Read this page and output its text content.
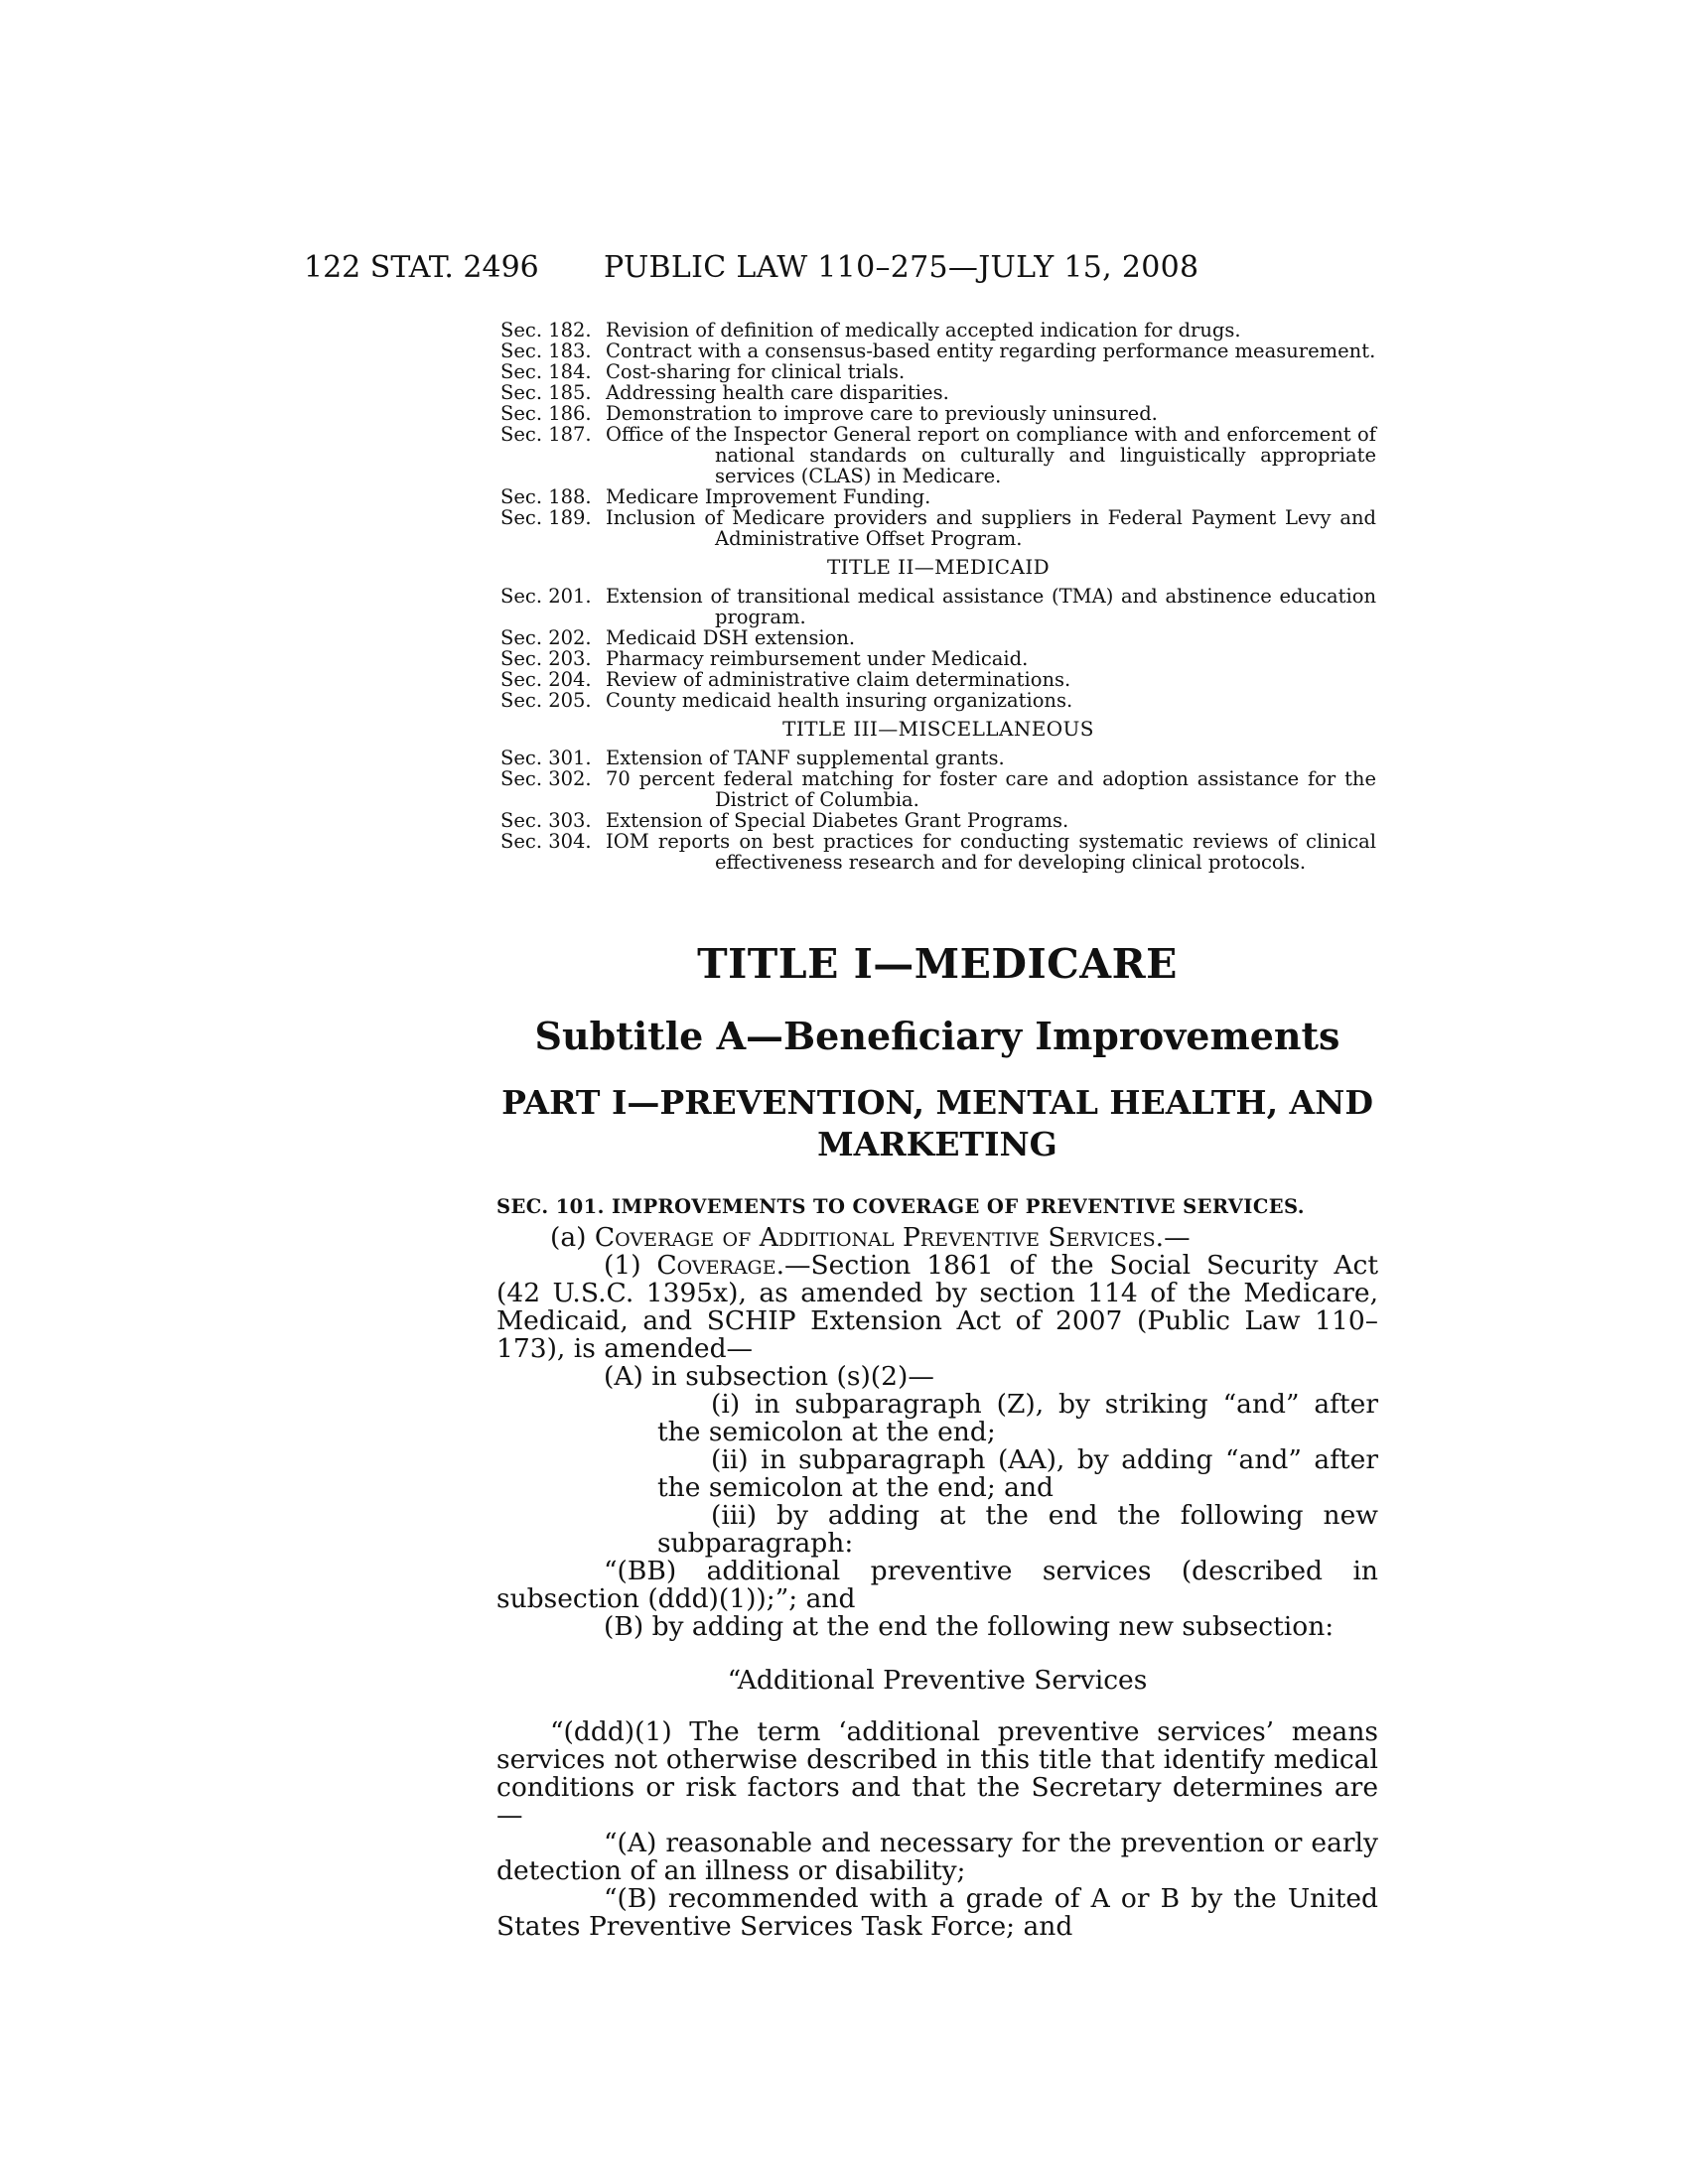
122 STAT. 2496 PUBLIC LAW 110–275—JULY 15, 2008
Sec. 182. Revision of definition of medically accepted indication for drugs.
Sec. 183. Contract with a consensus-based entity regarding performance measurement.
Sec. 184. Cost-sharing for clinical trials.
Sec. 185. Addressing health care disparities.
Sec. 186. Demonstration to improve care to previously uninsured.
Sec. 187. Office of the Inspector General report on compliance with and enforcement of national standards on culturally and linguistically appropriate services (CLAS) in Medicare.
Sec. 188. Medicare Improvement Funding.
Sec. 189. Inclusion of Medicare providers and suppliers in Federal Payment Levy and Administrative Offset Program.
TITLE II—MEDICAID
Sec. 201. Extension of transitional medical assistance (TMA) and abstinence education program.
Sec. 202. Medicaid DSH extension.
Sec. 203. Pharmacy reimbursement under Medicaid.
Sec. 204. Review of administrative claim determinations.
Sec. 205. County medicaid health insuring organizations.
TITLE III—MISCELLANEOUS
Sec. 301. Extension of TANF supplemental grants.
Sec. 302. 70 percent federal matching for foster care and adoption assistance for the District of Columbia.
Sec. 303. Extension of Special Diabetes Grant Programs.
Sec. 304. IOM reports on best practices for conducting systematic reviews of clinical effectiveness research and for developing clinical protocols.
TITLE I—MEDICARE
Subtitle A—Beneficiary Improvements
PART I—PREVENTION, MENTAL HEALTH, AND MARKETING
SEC. 101. IMPROVEMENTS TO COVERAGE OF PREVENTIVE SERVICES.

(a) Coverage of Additional Preventive Services.—

(1) Coverage.—Section 1861 of the Social Security Act (42 U.S.C. 1395x), as amended by section 114 of the Medicare, Medicaid, and SCHIP Extension Act of 2007 (Public Law 110–173), is amended—

(A) in subsection (s)(2)—

(i) in subparagraph (Z), by striking “and” after the semicolon at the end;

(ii) in subparagraph (AA), by adding “and” after the semicolon at the end; and

(iii) by adding at the end the following new subparagraph:

“(BB) additional preventive services (described in subsection (ddd)(1));”; and

(B) by adding at the end the following new subsection:

“Additional Preventive Services

“(ddd)(1) The term ‘additional preventive services’ means services not otherwise described in this title that identify medical conditions or risk factors and that the Secretary determines are—

“(A) reasonable and necessary for the prevention or early detection of an illness or disability;

“(B) recommended with a grade of A or B by the United States Preventive Services Task Force; and
